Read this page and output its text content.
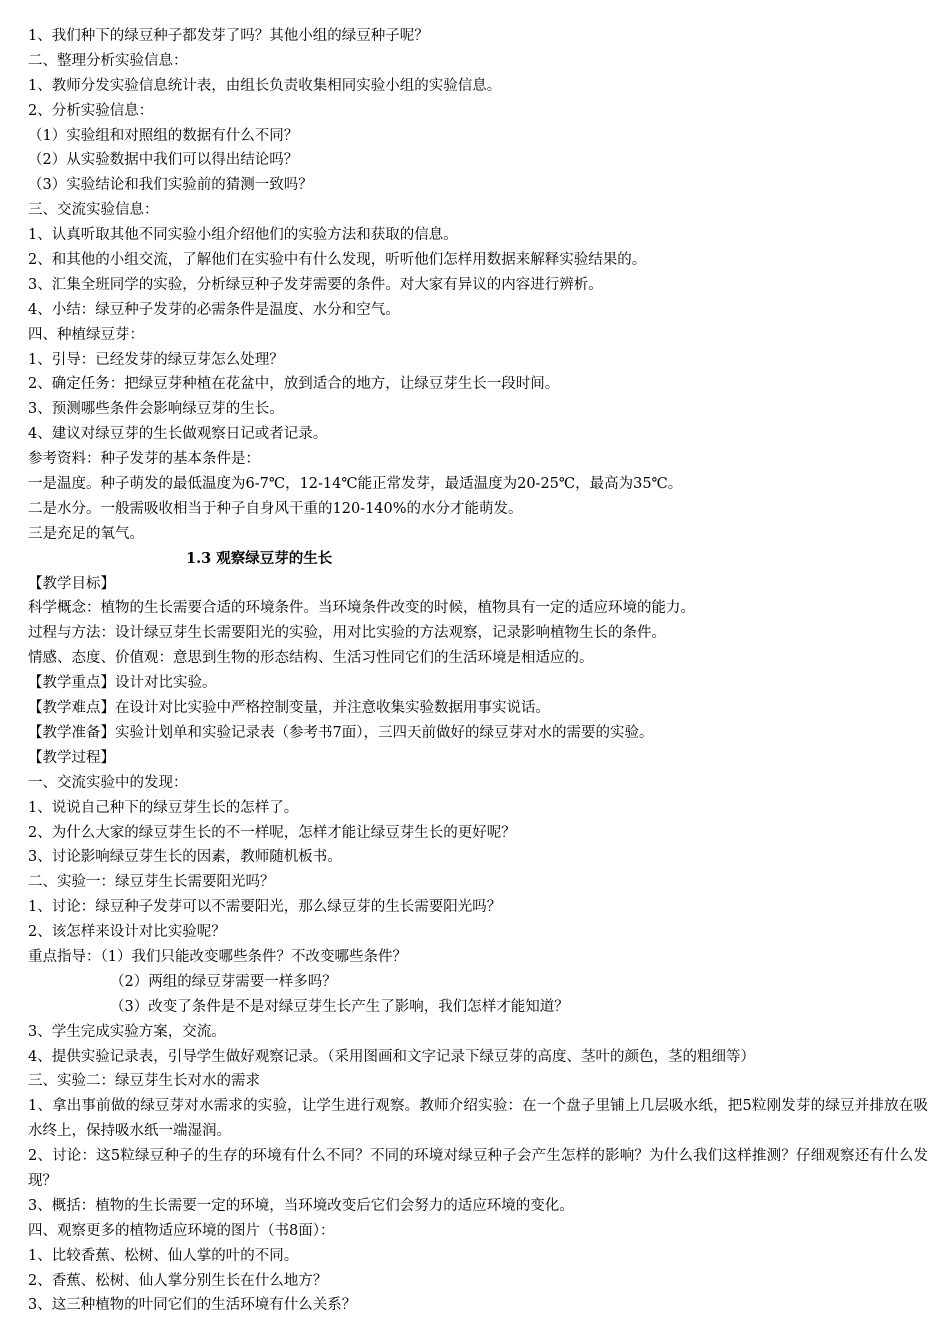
1、我们种下的绿豆种子都发芽了吗？其他小组的绿豆种子呢？
二、整理分析实验信息：
1、教师分发实验信息统计表，由组长负责收集相同实验小组的实验信息。
2、分析实验信息：
（1）实验组和对照组的数据有什么不同？
（2）从实验数据中我们可以得出结论吗？
（3）实验结论和我们实验前的猜测一致吗？
三、交流实验信息：
1、认真听取其他不同实验小组介绍他们的实验方法和获取的信息。
2、和其他的小组交流，了解他们在实验中有什么发现，听听他们怎样用数据来解释实验结果的。
3、汇集全班同学的实验，分析绿豆种子发芽需要的条件。对大家有异议的内容进行辨析。
4、小结：绿豆种子发芽的必需条件是温度、水分和空气。
四、种植绿豆芽：
1、引导：已经发芽的绿豆芽怎么处理？
2、确定任务：把绿豆芽种植在花盆中，放到适合的地方，让绿豆芽生长一段时间。
3、预测哪些条件会影响绿豆芽的生长。
4、建议对绿豆芽的生长做观察日记或者记录。
参考资料：种子发芽的基本条件是：
一是温度。种子萌发的最低温度为6-7℃，12-14℃能正常发芽，最适温度为20-25℃，最高为35℃。
二是水分。一般需吸收相当于种子自身风干重的120-140%的水分才能萌发。
三是充足的氧气。
1.3 观察绿豆芽的生长
【教学目标】
科学概念：植物的生长需要合适的环境条件。当环境条件改变的时候，植物具有一定的适应环境的能力。
过程与方法：设计绿豆芽生长需要阳光的实验，用对比实验的方法观察，记录影响植物生长的条件。
情感、态度、价值观：意思到生物的形态结构、生活习性同它们的生活环境是相适应的。
【教学重点】设计对比实验。
【教学难点】在设计对比实验中严格控制变量，并注意收集实验数据用事实说话。
【教学准备】实验计划单和实验记录表（参考书7面），三四天前做好的绿豆芽对水的需要的实验。
【教学过程】
一、交流实验中的发现：
1、说说自己种下的绿豆芽生长的怎样了。
2、为什么大家的绿豆芽生长的不一样呢，怎样才能让绿豆芽生长的更好呢？
3、讨论影响绿豆芽生长的因素，教师随机板书。
二、实验一：绿豆芽生长需要阳光吗？
1、讨论：绿豆种子发芽可以不需要阳光，那么绿豆芽的生长需要阳光吗？
2、该怎样来设计对比实验呢？
重点指导：（1）我们只能改变哪些条件？不改变哪些条件？
（2）两组的绿豆芽需要一样多吗？
（3）改变了条件是不是对绿豆芽生长产生了影响，我们怎样才能知道？
3、学生完成实验方案，交流。
4、提供实验记录表，引导学生做好观察记录。（采用图画和文字记录下绿豆芽的高度、茎叶的颜色，茎的粗细等）
三、实验二：绿豆芽生长对水的需求
1、拿出事前做的绿豆芽对水需求的实验，让学生进行观察。教师介绍实验：在一个盘子里铺上几层吸水纸，把5粒刚发芽的绿豆并排放在吸水终上，保持吸水纸一端湿润。
2、讨论：这5粒绿豆种子的生存的环境有什么不同？不同的环境对绿豆种子会产生怎样的影响？为什么我们这样推测？仔细观察还有什么发现？
3、概括：植物的生长需要一定的环境，当环境改变后它们会努力的适应环境的变化。
四、观察更多的植物适应环境的图片（书8面）：
1、比较香蕉、松树、仙人掌的叶的不同。
2、香蕉、松树、仙人掌分别生长在什么地方？
3、这三种植物的叶同它们的生活环境有什么关系？
